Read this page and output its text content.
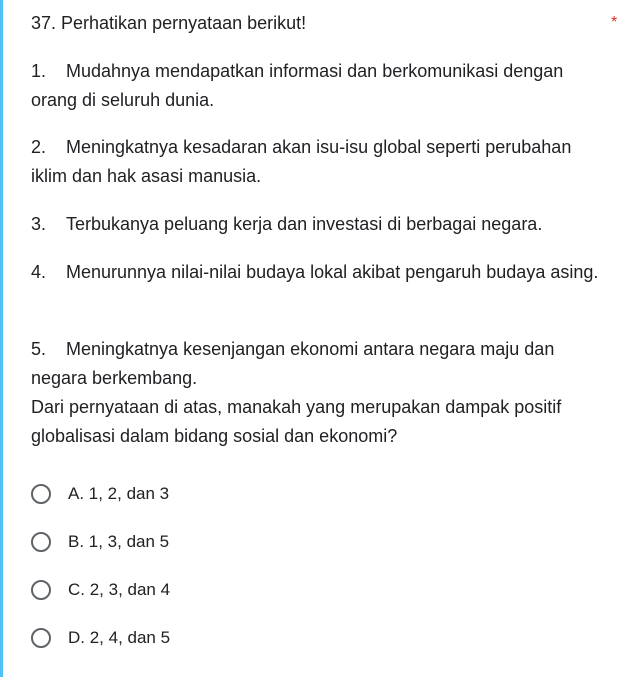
37. Perhatikan pernyataan berikut!	*
1. Mudahnya mendapatkan informasi dan berkomunikasi dengan orang di seluruh dunia.
2. Meningkatnya kesadaran akan isu-isu global seperti perubahan iklim dan hak asasi manusia.
3. Terbukanya peluang kerja dan investasi di berbagai negara.
4. Menurunnya nilai-nilai budaya lokal akibat pengaruh budaya asing.
5. Meningkatnya kesenjangan ekonomi antara negara maju dan negara berkembang.
Dari pernyataan di atas, manakah yang merupakan dampak positif globalisasi dalam bidang sosial dan ekonomi?
A. 1, 2, dan 3
B. 1, 3, dan 5
C. 2, 3, dan 4
D. 2, 4, dan 5
